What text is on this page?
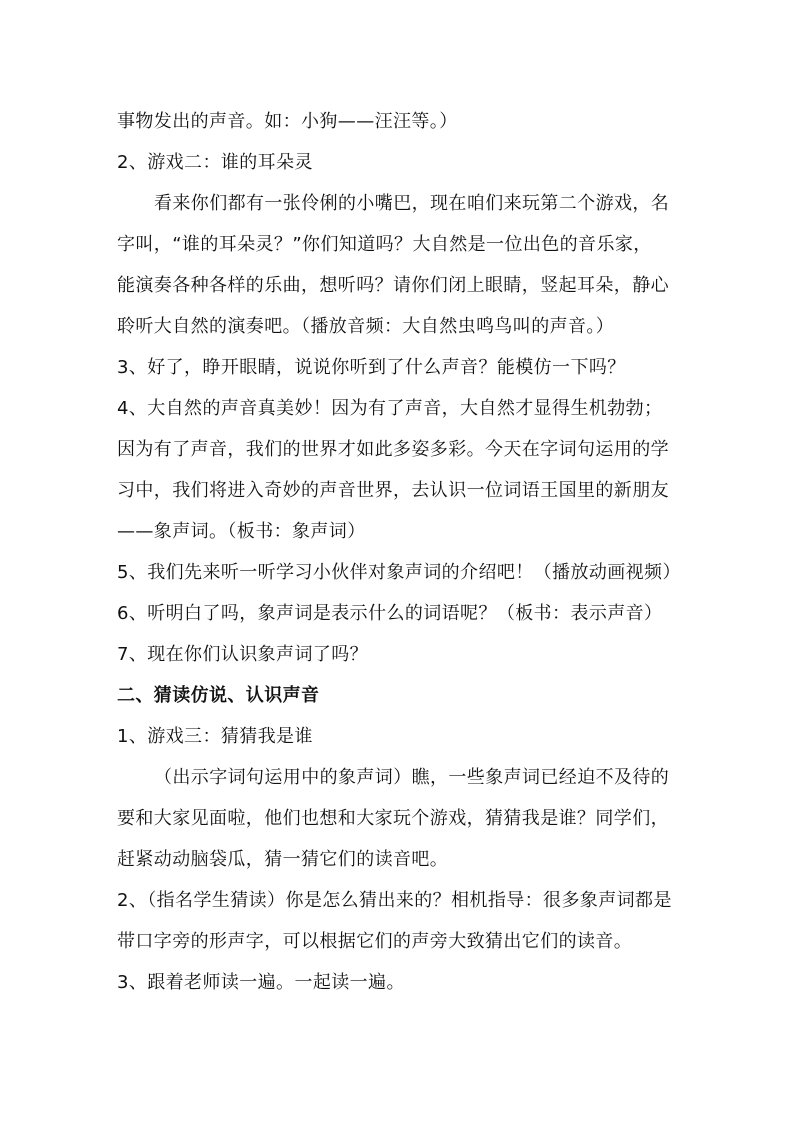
事物发出的声音。如：小狗——汪汪等。）
2、游戏二：谁的耳朵灵
看来你们都有一张伶俐的小嘴巴，现在咱们来玩第二个游戏，名
字叫，“谁的耳朵灵？”你们知道吗？大自然是一位出色的音乐家，
能演奏各种各样的乐曲，想听吗？请你们闭上眼睛，竖起耳朵，静心
聆听大自然的演奏吧。（播放音频：大自然虫鸣鸟叫的声音。）
3、好了，睁开眼睛，说说你听到了什么声音？能模仿一下吗？
4、大自然的声音真美妙！因为有了声音，大自然才显得生机勃勃；
因为有了声音，我们的世界才如此多姿多彩。今天在字词句运用的学
习中，我们将进入奇妙的声音世界，去认识一位词语王国里的新朋友
——象声词。（板书：象声词）
5、我们先来听一听学习小伙伴对象声词的介绍吧！（播放动画视频）
6、听明白了吗，象声词是表示什么的词语呢？（板书：表示声音）
7、现在你们认识象声词了吗？
二、猜读仿说、认识声音
1、游戏三：猜猜我是谁
（出示字词句运用中的象声词）瞧，一些象声词已经迫不及待的
要和大家见面啦，他们也想和大家玩个游戏，猜猜我是谁？同学们，
赶紧动动脑袋瓜，猜一猜它们的读音吧。
2、（指名学生猜读）你是怎么猜出来的？相机指导：很多象声词都是
带口字旁的形声字，可以根据它们的声旁大致猜出它们的读音。
3、跟着老师读一遍。一起读一遍。
